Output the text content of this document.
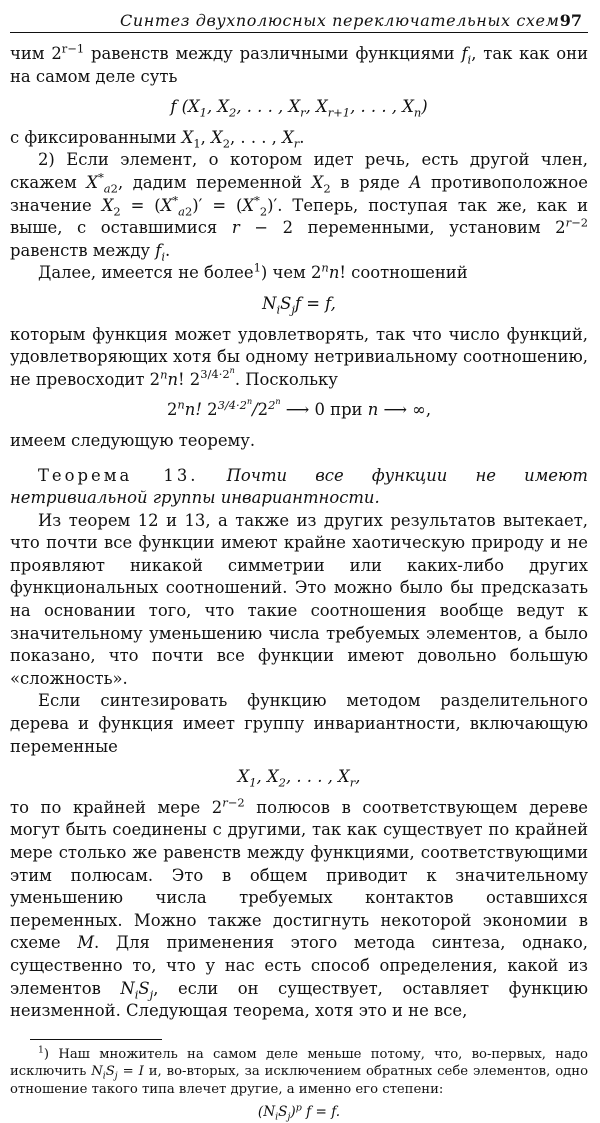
Синтез двухполюсных переключательных схем 97

чим $2^{r-1}$ равенств между различными функциями $f_i$, так как они на самом деле суть

f ($X_1$, $X_2$, . . . , $X_r$, $X_{r+1}$, . . . , $X_n$)

с фиксированными $X_1$, $X_2$, . . . , $X_r$.

2) Если элемент, о котором идет речь, есть другой член, скажем $X^*_{a2}$, дадим переменной $X_2$ в ряде A противоположное значение $X_2 = (X^*_{a2})' = (X^*_2)'$. Теперь, поступая так же, как и выше, с оставшимися r − 2 переменными, установим $2^{r-2}$ равенств между $f_i$.

Далее, имеется не более$^1$) чем 2$^n$n! соотношений

$N_iS_jf = f$,

которым функция может удовлетворять, так что число функций, удовлетворяющих хотя бы одному нетривиальному соотношению, не превосходит 2$^n$n! $2^{3/4\cdot 2^n}$. Поскольку

2$^n$n! $2^{3/4\cdot 2^n}/2^{2^n}$ ⟶ 0 при n ⟶ ∞,

имеем следующую теорему.

Теорема 13. Почти все функции не имеют нетривиальной группы инвариантности.

Из теорем 12 и 13, а также из других результатов вытекает, что почти все функции имеют крайне хаотическую природу и не проявляют никакой симметрии или каких-либо других функциональных соотношений. Это можно было бы предсказать на основании того, что такие соотношения вообще ведут к значительному уменьшению числа требуемых элементов, а было показано, что почти все функции имеют довольно большую «сложность».

Если синтезировать функцию методом разделительного дерева и функция имеет группу инвариантности, включающую переменные

$X_1$, $X_2$, . . . , $X_r$,

то по крайней мере $2^{r-2}$ полюсов в соответствующем дереве могут быть соединены с другими, так как существует по крайней мере столько же равенств между функциями, соответствующими этим полюсам. Это в общем приводит к значительному уменьшению числа требуемых контактов оставшихся переменных. Можно также достигнуть некоторой экономии в схеме M. Для применения этого метода синтеза, однако, существенно то, что у нас есть способ определения, какой из элементов $N_iS_j$, если он существует, оставляет функцию неизменной. Следующая теорема, хотя это и не все,

$^1$) Наш множитель на самом деле меньше потому, что, во-первых, надо исключить $N_iS_j = I$ и, во-вторых, за исключением обратных себе элементов, одно отношение такого типа влечет другие, а именно его степени:

$(N_iS_j)^p$ f = f.
